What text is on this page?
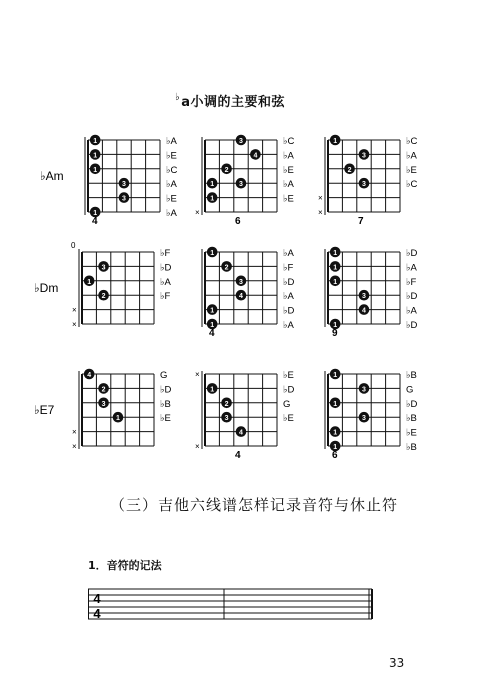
♭a小调的主要和弦
1
1
1
3
3
1
♭A
♭E
♭C
♭A
♭E
♭A
4
♭Am
3
4
2
3
1
1
♭C
♭A
♭E
♭A
♭E
×
6
1
3
2
3
♭C
♭A
♭E
♭C
×
×
7
3
1
2
♭F
♭D
♭A
♭F
×
×
0
♭Dm
1
2
3
4
1
1
♭A
♭F
♭D
♭A
♭D
♭A
4
1
1
1
3
4
1
♭D
♭A
♭F
♭D
♭A
♭D
9
4
2
3
1
G
♭D
♭B
♭E
×
×
♭E7
1
2
3
4
♭E
♭D
G
♭E
×
×
4
1
3
1
3
1
1
♭B
G
♭D
♭B
♭E
♭B
6
（三）吉他六线谱怎样记录音符与休止符
1．音符的记法
4
4
33
